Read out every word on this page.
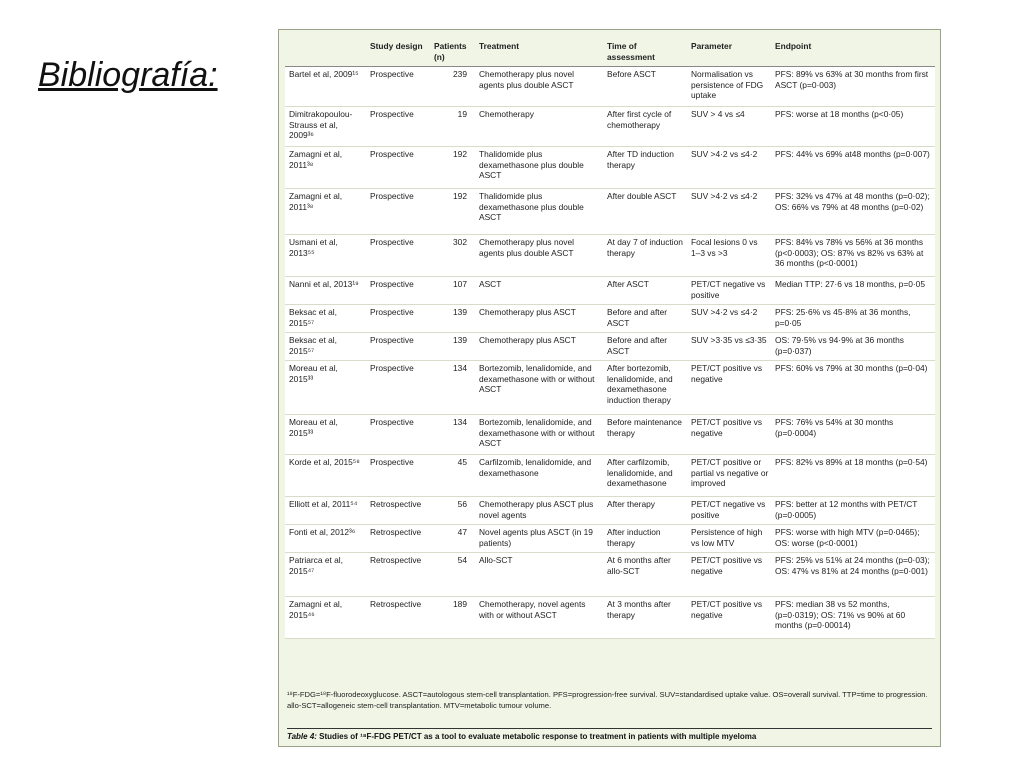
Bibliografía:
	Study design	Patients (n)	Treatment	Time of assessment	Parameter	Endpoint
Bartel et al, 2009¹⁵	Prospective	239	Chemotherapy plus novel agents plus double ASCT	Before ASCT	Normalisation vs persistence of FDG uptake	PFS: 89% vs 63% at 30 months from first ASCT (p=0·003)
Dimitrakopoulou-Strauss et al, 2009³⁶	Prospective	19	Chemotherapy	After first cycle of chemotherapy	SUV > 4 vs ≤4	PFS: worse at 18 months (p<0·05)
Zamagni et al, 2011³⁸	Prospective	192	Thalidomide plus dexamethasone plus double ASCT	After TD induction therapy	SUV >4·2 vs ≤4·2	PFS: 44% vs 69% at48 months (p=0·007)
Zamagni et al, 2011³⁸	Prospective	192	Thalidomide plus dexamethasone plus double ASCT	After double ASCT	SUV >4·2 vs ≤4·2	PFS: 32% vs 47% at 48 months (p=0·02); OS: 66% vs 79% at 48 months (p=0·02)
Usmani et al, 2013⁵⁵	Prospective	302	Chemotherapy plus novel agents plus double ASCT	At day 7 of induction therapy	Focal lesions 0 vs 1–3 vs >3	PFS: 84% vs 78% vs 56% at 36 months (p<0·0003); OS: 87% vs 82% vs 63% at 36 months (p<0·0001)
Nanni et al, 2013¹⁹	Prospective	107	ASCT	After ASCT	PET/CT negative vs positive	Median TTP: 27·6 vs 18 months, p=0·05
Beksac et al, 2015⁵⁷	Prospective	139	Chemotherapy plus ASCT	Before and after ASCT	SUV >4·2 vs ≤4·2	PFS: 25·6% vs 45·8% at 36 months, p=0·05
Beksac et al, 2015⁵⁷	Prospective	139	Chemotherapy plus ASCT	Before and after ASCT	SUV >3·35 vs ≤3·35	OS: 79·5% vs 94·9% at 36 months (p=0·037)
Moreau et al, 2015³³	Prospective	134	Bortezomib, lenalidomide, and dexamethasone with or without ASCT	After bortezomib, lenalidomide, and dexamethasone induction therapy	PET/CT positive vs negative	PFS: 60% vs 79% at 30 months (p=0·04)
Moreau et al, 2015³³	Prospective	134	Bortezomib, lenalidomide, and dexamethasone with or without ASCT	Before maintenance therapy	PET/CT positive vs negative	PFS: 76% vs 54% at 30 months (p=0·0004)
Korde et al, 2015⁵⁸	Prospective	45	Carfilzomib, lenalidomide, and dexamethasone	After carfilzomib, lenalidomide, and dexamethasone	PET/CT positive or partial vs negative or improved	PFS: 82% vs 89% at 18 months (p=0·54)
Elliott et al, 2011⁵⁴	Retrospective	56	Chemotherapy plus ASCT plus novel agents	After therapy	PET/CT negative vs positive	PFS: better at 12 months with PET/CT (p=0·0005)
Fonti et al, 2012³⁶	Retrospective	47	Novel agents plus ASCT (in 19 patients)	After induction therapy	Persistence of high vs low MTV	PFS: worse with high MTV (p=0·0465); OS: worse (p<0·0001)
Patriarca et al, 2015⁴⁷	Retrospective	54	Allo-SCT	At 6 months after allo-SCT	PET/CT positive vs negative	PFS: 25% vs 51% at 24 months (p=0·03); OS: 47% vs 81% at 24 months (p=0·001)
Zamagni et al, 2015⁴⁶	Retrospective	189	Chemotherapy, novel agents with or without ASCT	At 3 months after therapy	PET/CT positive vs negative	PFS: median 38 vs 52 months, (p=0·0319); OS: 71% vs 90% at 60 months (p=0·00014)
¹⁸F-FDG=¹⁸F-fluorodeoxyglucose. ASCT=autologous stem-cell transplantation. PFS=progression-free survival. SUV=standardised uptake value. OS=overall survival. TTP=time to progression. allo-SCT=allogeneic stem-cell transplantation. MTV=metabolic tumour volume.
Table 4: Studies of ¹⁸F-FDG PET/CT as a tool to evaluate metabolic response to treatment in patients with multiple myeloma
